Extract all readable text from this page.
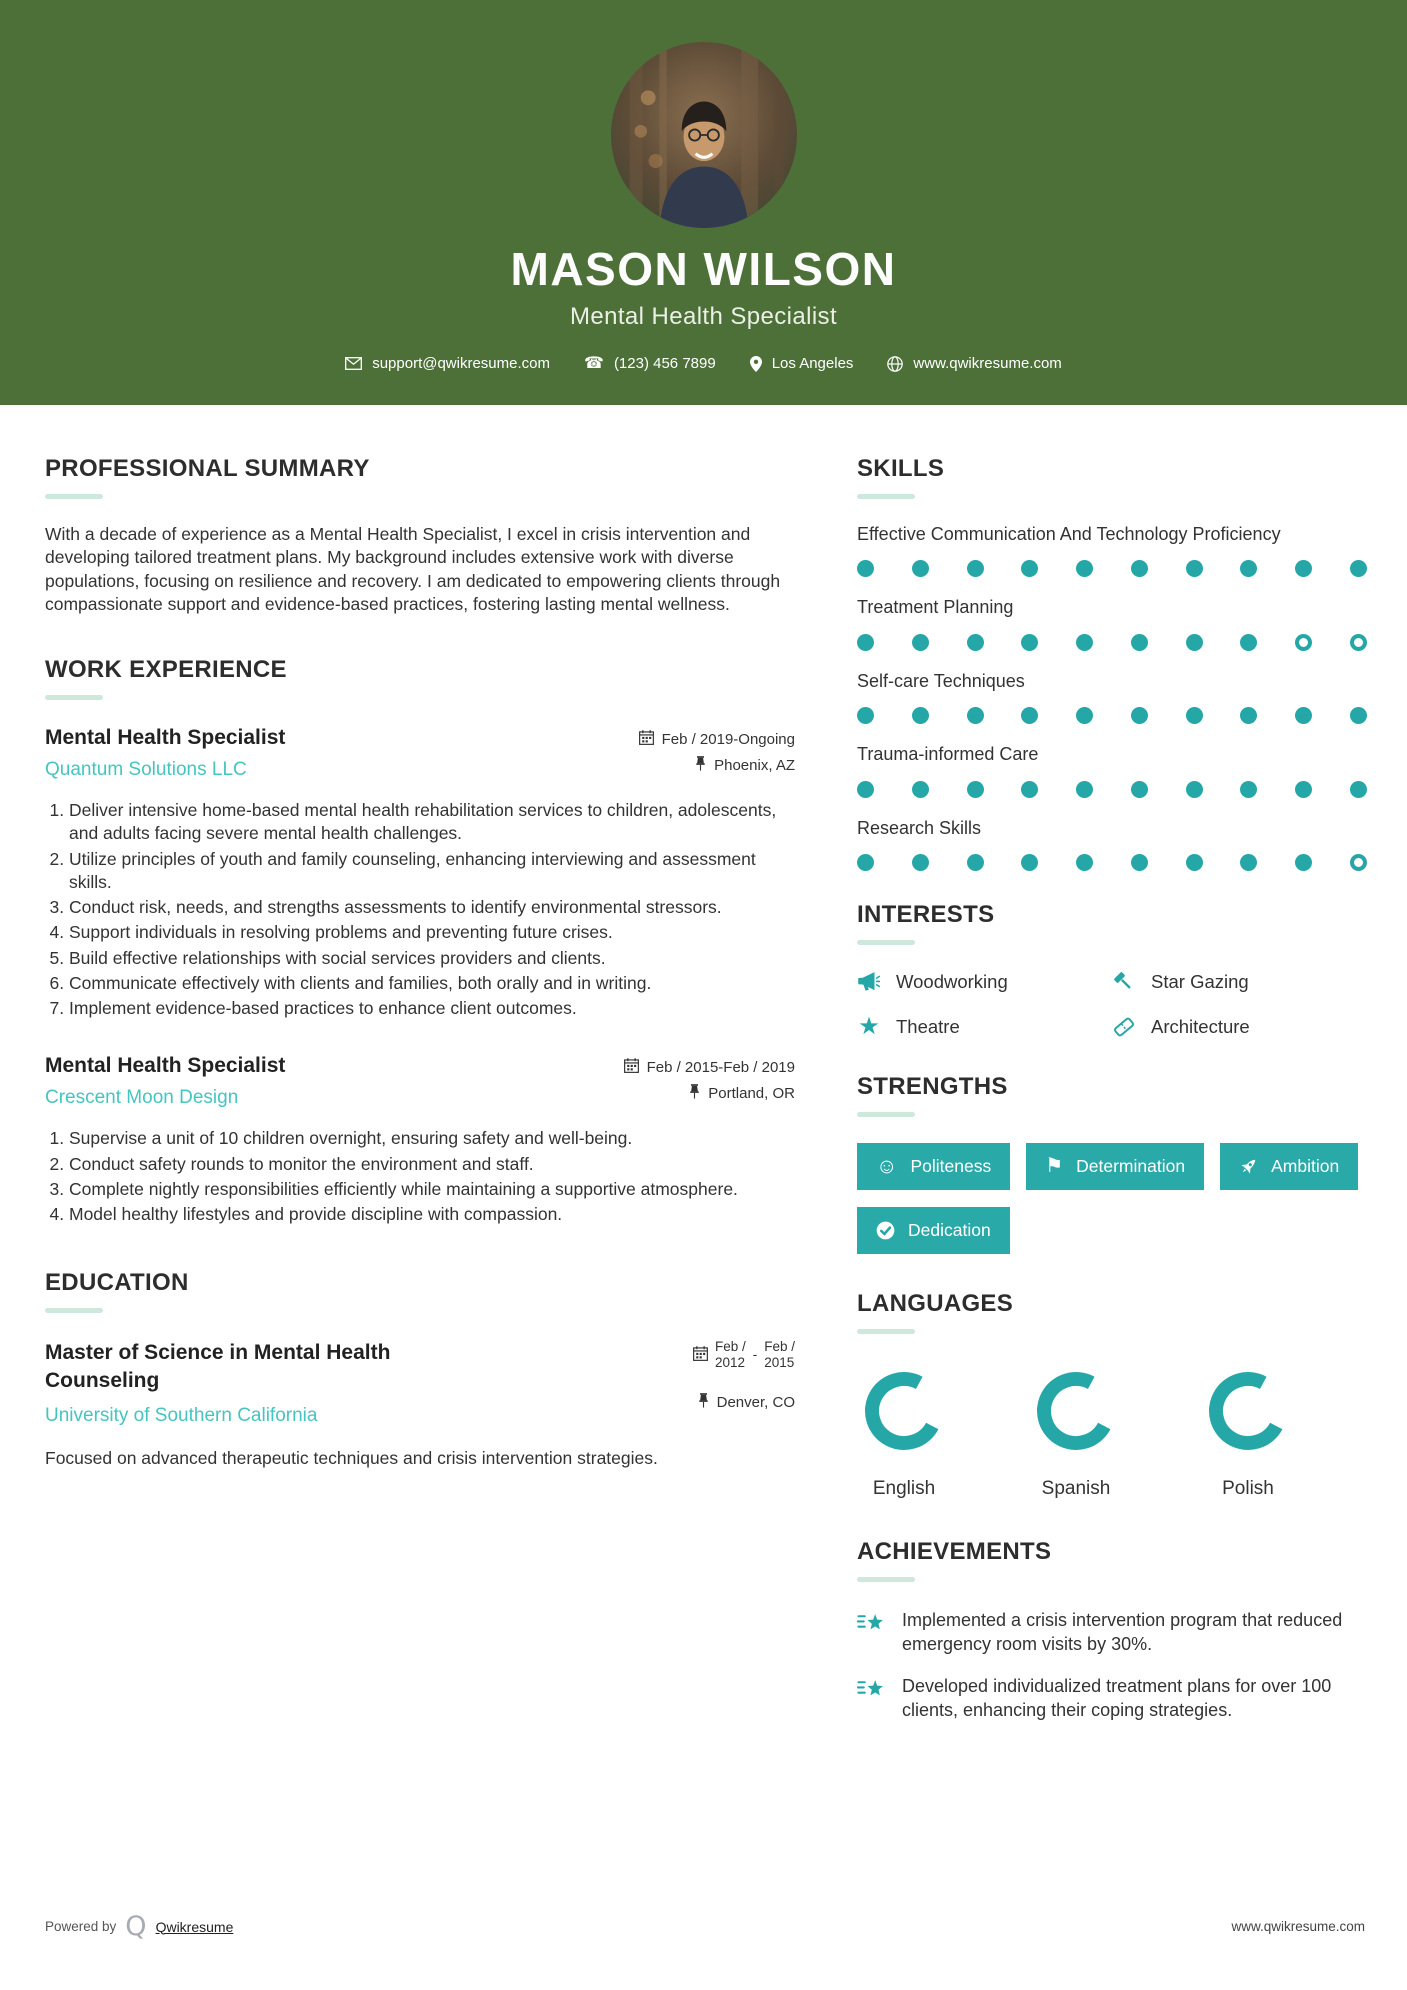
MASON WILSON
Mental Health Specialist
support@qwikresume.com ☎ (123) 456 7899	Los Angeles	www.qwikresume.com
PROFESSIONAL SUMMARY

With a decade of experience as a Mental Health Specialist, I excel in crisis intervention and developing tailored treatment plans. My background includes extensive work with diverse populations, focusing on resilience and recovery. I am dedicated to empowering clients through compassionate support and evidence-based practices, fostering lasting mental wellness.

WORK EXPERIENCE
Mental Health Specialist
Quantum Solutions LLC
Feb / 2019-Ongoing
Phoenix, AZ
1. Deliver intensive home-based mental health rehabilitation services to children, adolescents, and adults facing severe mental health challenges.
2. Utilize principles of youth and family counseling, enhancing interviewing and assessment skills.
3. Conduct risk, needs, and strengths assessments to identify environmental stressors.
4. Support individuals in resolving problems and preventing future crises.
5. Build effective relationships with social services providers and clients.
6. Communicate effectively with clients and families, both orally and in writing.
7. Implement evidence-based practices to enhance client outcomes.
Mental Health Specialist
Crescent Moon Design
Feb / 2015-Feb / 2019
Portland, OR
1. Supervise a unit of 10 children overnight, ensuring safety and well-being.
2. Conduct safety rounds to monitor the environment and staff.
3. Complete nightly responsibilities efficiently while maintaining a supportive atmosphere.
4. Model healthy lifestyles and provide discipline with compassion.
EDUCATION
Master of Science in Mental Health Counseling
University of Southern California
Feb /
2012 -
Feb /
2015
Denver, CO

Focused on advanced therapeutic techniques and crisis intervention strategies.

SKILLS
Effective Communication And Technology Proficiency
Treatment Planning
Self-care Techniques
Trauma-informed Care
Research Skills
INTERESTS
Woodworking	Star Gazing
★ Theatre	Architecture
STRENGTHS
☺ Politeness	⚑ Determination	Ambition
Dedication
LANGUAGES
English	Spanish	Polish
ACHIEVEMENTS
Implemented a crisis intervention program that reduced emergency room visits by 30%.
Developed individualized treatment plans for over 100 clients, enhancing their coping strategies.
Powered by Q Qwikresume	www.qwikresume.com
